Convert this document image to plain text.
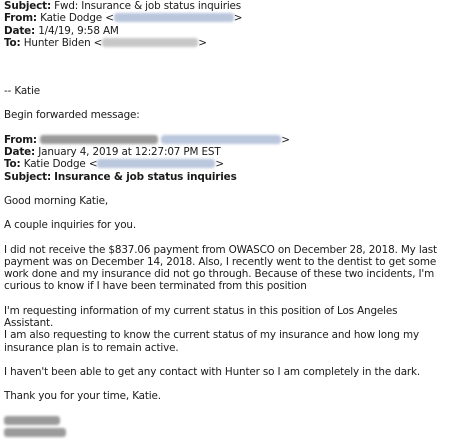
Subject: Fwd: Insurance & job status inquiries
From: Katie Dodge <	>
Date: 1/4/19, 9:58 AM
To: Hunter Biden <	>
-- Katie
Begin forwarded message:
From:	>
Date: January 4, 2019 at 12:27:07 PM EST
To: Katie Dodge <	>
Subject: Insurance & job status inquiries
Good morning Katie,
A couple inquiries for you.
I did not receive the $837.06 payment from OWASCO on December 28, 2018. My last payment was on December 14, 2018. Also, I recently went to the dentist to get some work done and my insurance did not go through. Because of these two incidents, I'm curious to know if I have been terminated from this position
I'm requesting information of my current status in this position of Los Angeles Assistant.
I am also requesting to know the current status of my insurance and how long my insurance plan is to remain active.
I haven't been able to get any contact with Hunter so I am completely in the dark.
Thank you for your time, Katie.
